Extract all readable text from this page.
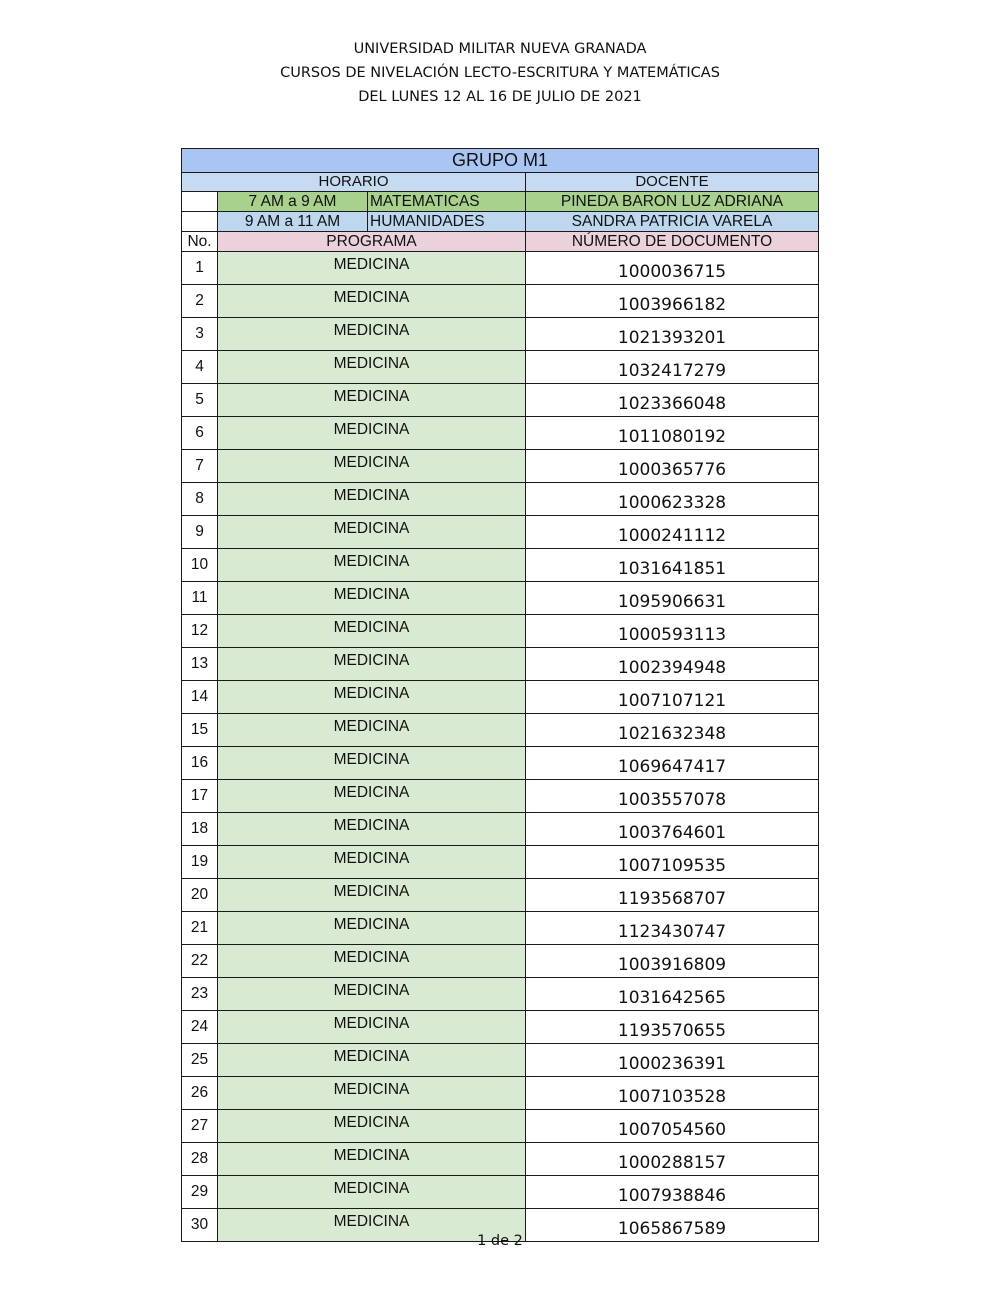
UNIVERSIDAD MILITAR NUEVA GRANADA
CURSOS DE NIVELACIÓN LECTO-ESCRITURA Y MATEMÁTICAS
DEL LUNES 12 AL 16 DE JULIO DE 2021
GRUPO M1			
HORARIO			DOCENTE
	7 AM a 9 AM	MATEMATICAS	PINEDA BARON LUZ ADRIANA
	9 AM a 11 AM	HUMANIDADES	SANDRA PATRICIA VARELA
No.	PROGRAMA		NÚMERO DE DOCUMENTO
1	MEDICINA		1000036715
2	MEDICINA		1003966182
3	MEDICINA		1021393201
4	MEDICINA		1032417279
5	MEDICINA		1023366048
6	MEDICINA		1011080192
7	MEDICINA		1000365776
8	MEDICINA		1000623328
9	MEDICINA		1000241112
10	MEDICINA		1031641851
11	MEDICINA		1095906631
12	MEDICINA		1000593113
13	MEDICINA		1002394948
14	MEDICINA		1007107121
15	MEDICINA		1021632348
16	MEDICINA		1069647417
17	MEDICINA		1003557078
18	MEDICINA		1003764601
19	MEDICINA		1007109535
20	MEDICINA		1193568707
21	MEDICINA		1123430747
22	MEDICINA		1003916809
23	MEDICINA		1031642565
24	MEDICINA		1193570655
25	MEDICINA		1000236391
26	MEDICINA		1007103528
27	MEDICINA		1007054560
28	MEDICINA		1000288157
29	MEDICINA		1007938846
30	MEDICINA		1065867589
1 de 2
